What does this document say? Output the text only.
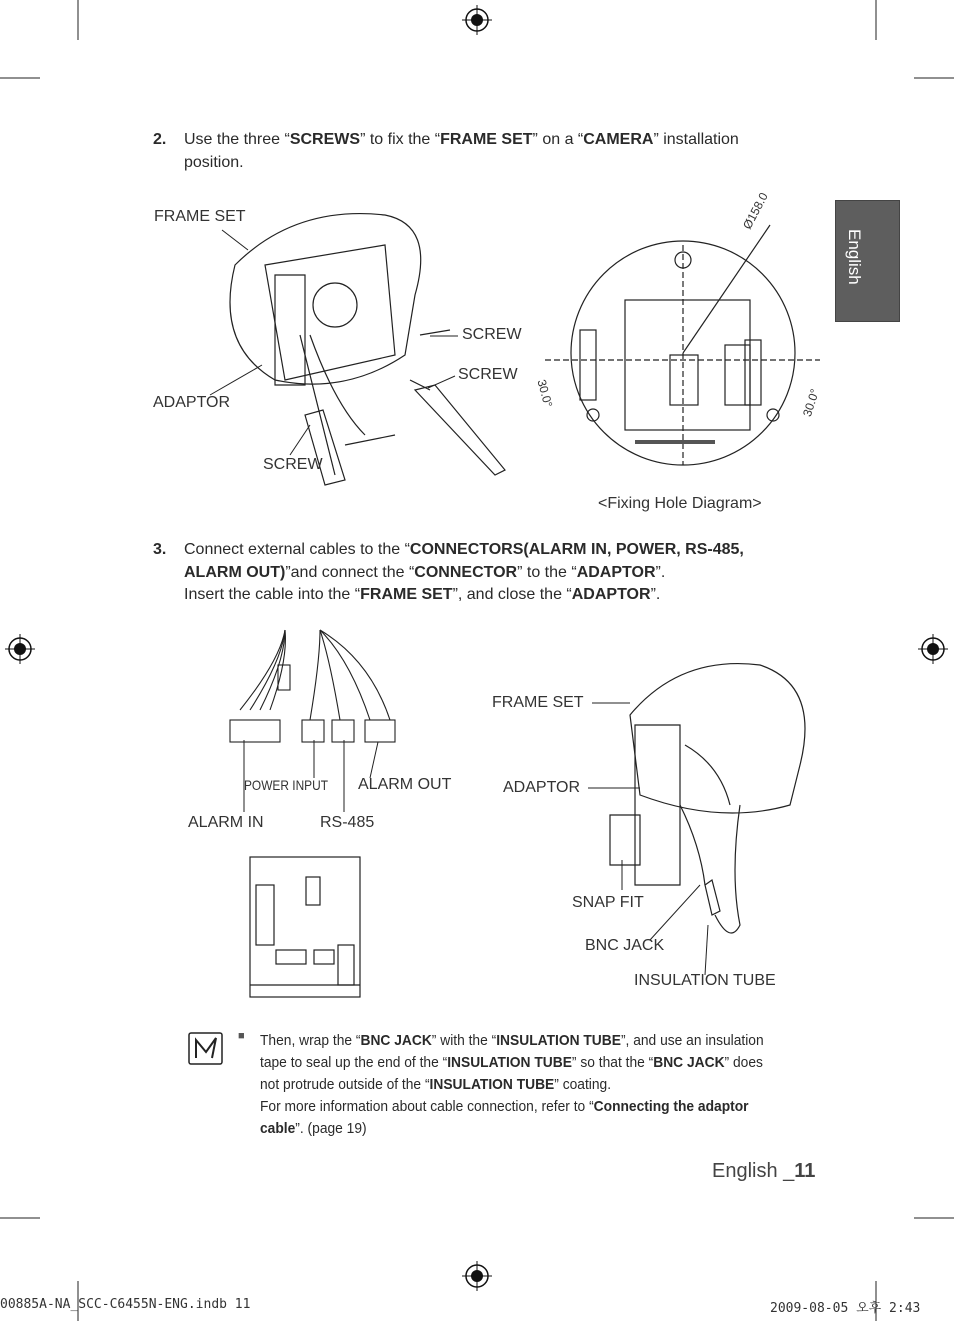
English
2. Use the three “SCREWS” to fix the “FRAME SET” on a “CAMERA” installation
position.
FRAME SET
SCREW
SCREW
ADAPTOR
SCREW
Ø158.0
30.0°	30.0°
<Fixing Hole Diagram>
3. Connect external cables to the “CONNECTORS(ALARM IN, POWER, RS-485,
ALARM OUT)”and connect the “CONNECTOR” to the “ADAPTOR”.
Insert the cable into the “FRAME SET”, and close the “ADAPTOR”.
POWER INPUT ALARM OUT
ALARM IN	RS-485
FRAME SET
ADAPTOR
SNAP FIT
BNC JACK
INSULATION TUBE
■ Then, wrap the “BNC JACK” with the “INSULATION TUBE”, and use an insulation
tape to seal up the end of the “INSULATION TUBE” so that the “BNC JACK” does
not protrude outside of the “INSULATION TUBE” coating.
For more information about cable connection, refer to “Connecting the adaptor
cable”. (page 19)
English _11
00885A-NA_SCC-C6455N-ENG.indb 11	2009-08-05 오후 2:43
